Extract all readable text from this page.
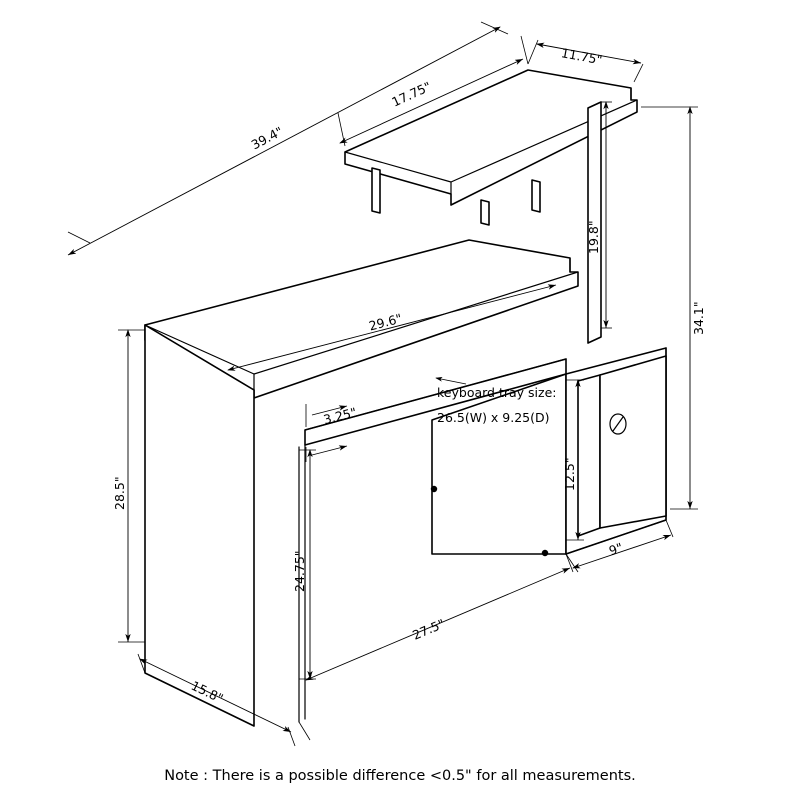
39.4"
17.75"
11.75"
34.1"
19.8"
29.6"
3.25"
keyboard tray size:
26.5(W) x 9.25(D)
28.5"
24.75"
12.5"
9"
15.8"
27.5"
Note : There is a possible difference <0.5" for all measurements.
